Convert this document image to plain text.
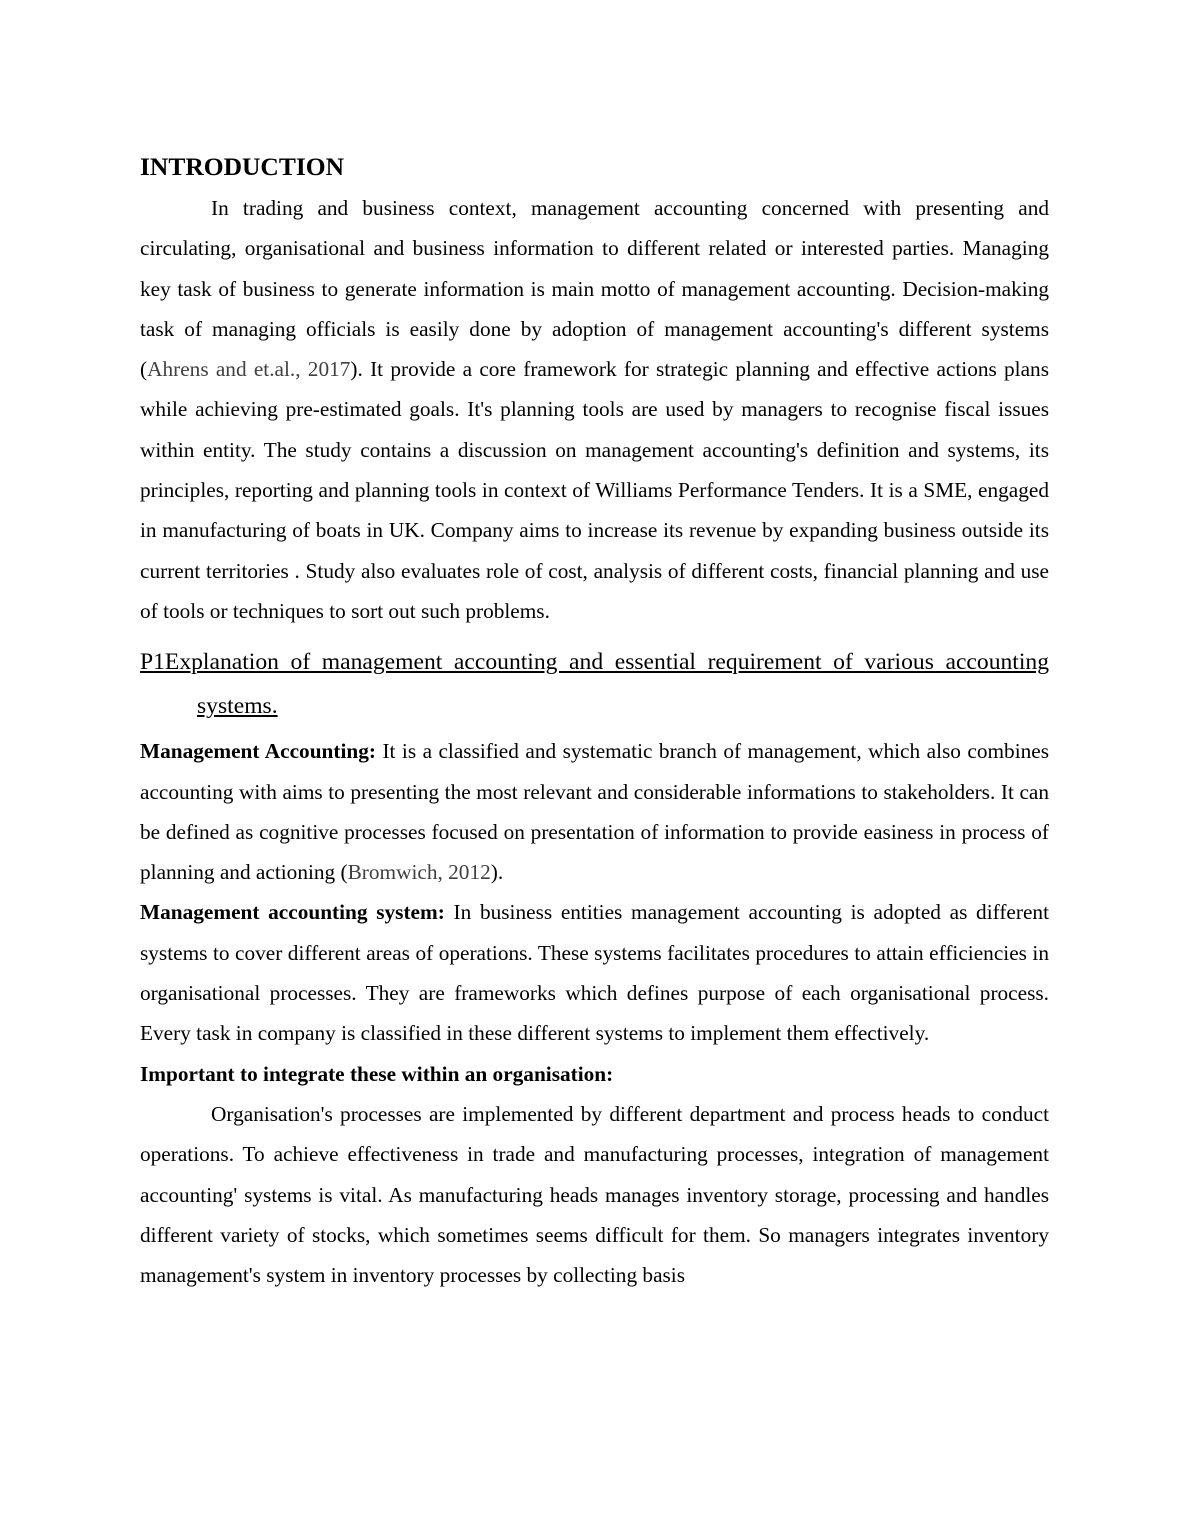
INTRODUCTION

In trading and business context, management accounting concerned with presenting and circulating, organisational and business information to different related or interested parties. Managing key task of business to generate information is main motto of management accounting. Decision-making task of managing officials is easily done by adoption of management accounting's different systems (Ahrens and et.al., 2017). It provide a core framework for strategic planning and effective actions plans while achieving pre-estimated goals. It's planning tools are used by managers to recognise fiscal issues within entity. The study contains a discussion on management accounting's definition and systems, its principles, reporting and planning tools in context of Williams Performance Tenders. It is a SME, engaged in manufacturing of boats in UK. Company aims to increase its revenue by expanding business outside its current territories . Study also evaluates role of cost, analysis of different costs, financial planning and use of tools or techniques to sort out such problems.

P1Explanation of management accounting and essential requirement of various accounting systems.

Management Accounting: It is a classified and systematic branch of management, which also combines accounting with aims to presenting the most relevant and considerable informations to stakeholders. It can be defined as cognitive processes focused on presentation of information to provide easiness in process of planning and actioning (Bromwich, 2012).

Management accounting system: In business entities management accounting is adopted as different systems to cover different areas of operations. These systems facilitates procedures to attain efficiencies in organisational processes. They are frameworks which defines purpose of each organisational process. Every task in company is classified in these different systems to implement them effectively.

Important to integrate these within an organisation:

Organisation's processes are implemented by different department and process heads to conduct operations. To achieve effectiveness in trade and manufacturing processes, integration of management accounting' systems is vital. As manufacturing heads manages inventory storage, processing and handles different variety of stocks, which sometimes seems difficult for them. So managers integrates inventory management's system in inventory processes by collecting basis
